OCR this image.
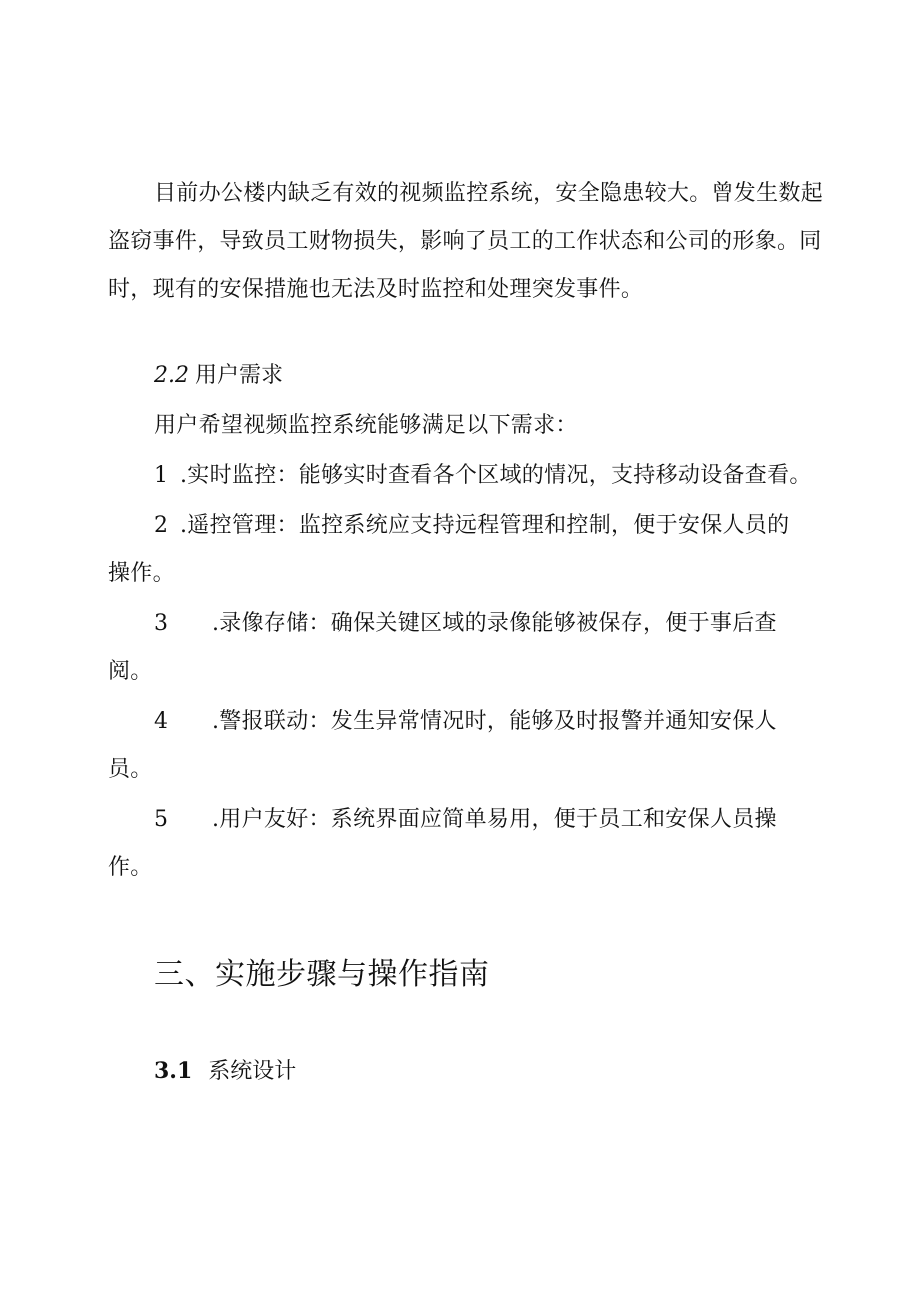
目前办公楼内缺乏有效的视频监控系统，安全隐患较大。曾发生数起盗窃事件，导致员工财物损失，影响了员工的工作状态和公司的形象。同时，现有的安保措施也无法及时监控和处理突发事件。

2.2 用户需求
用户希望视频监控系统能够满足以下需求：
1 .实时监控：能够实时查看各个区域的情况，支持移动设备查看。
2 .遥控管理：监控系统应支持远程管理和控制，便于安保人员的
操作。
3 .录像存储：确保关键区域的录像能够被保存，便于事后查
阅。
4 .警报联动：发生异常情况时，能够及时报警并通知安保人
员。
5 .用户友好：系统界面应简单易用，便于员工和安保人员操
作。
三、实施步骤与操作指南
3.1 系统设计
